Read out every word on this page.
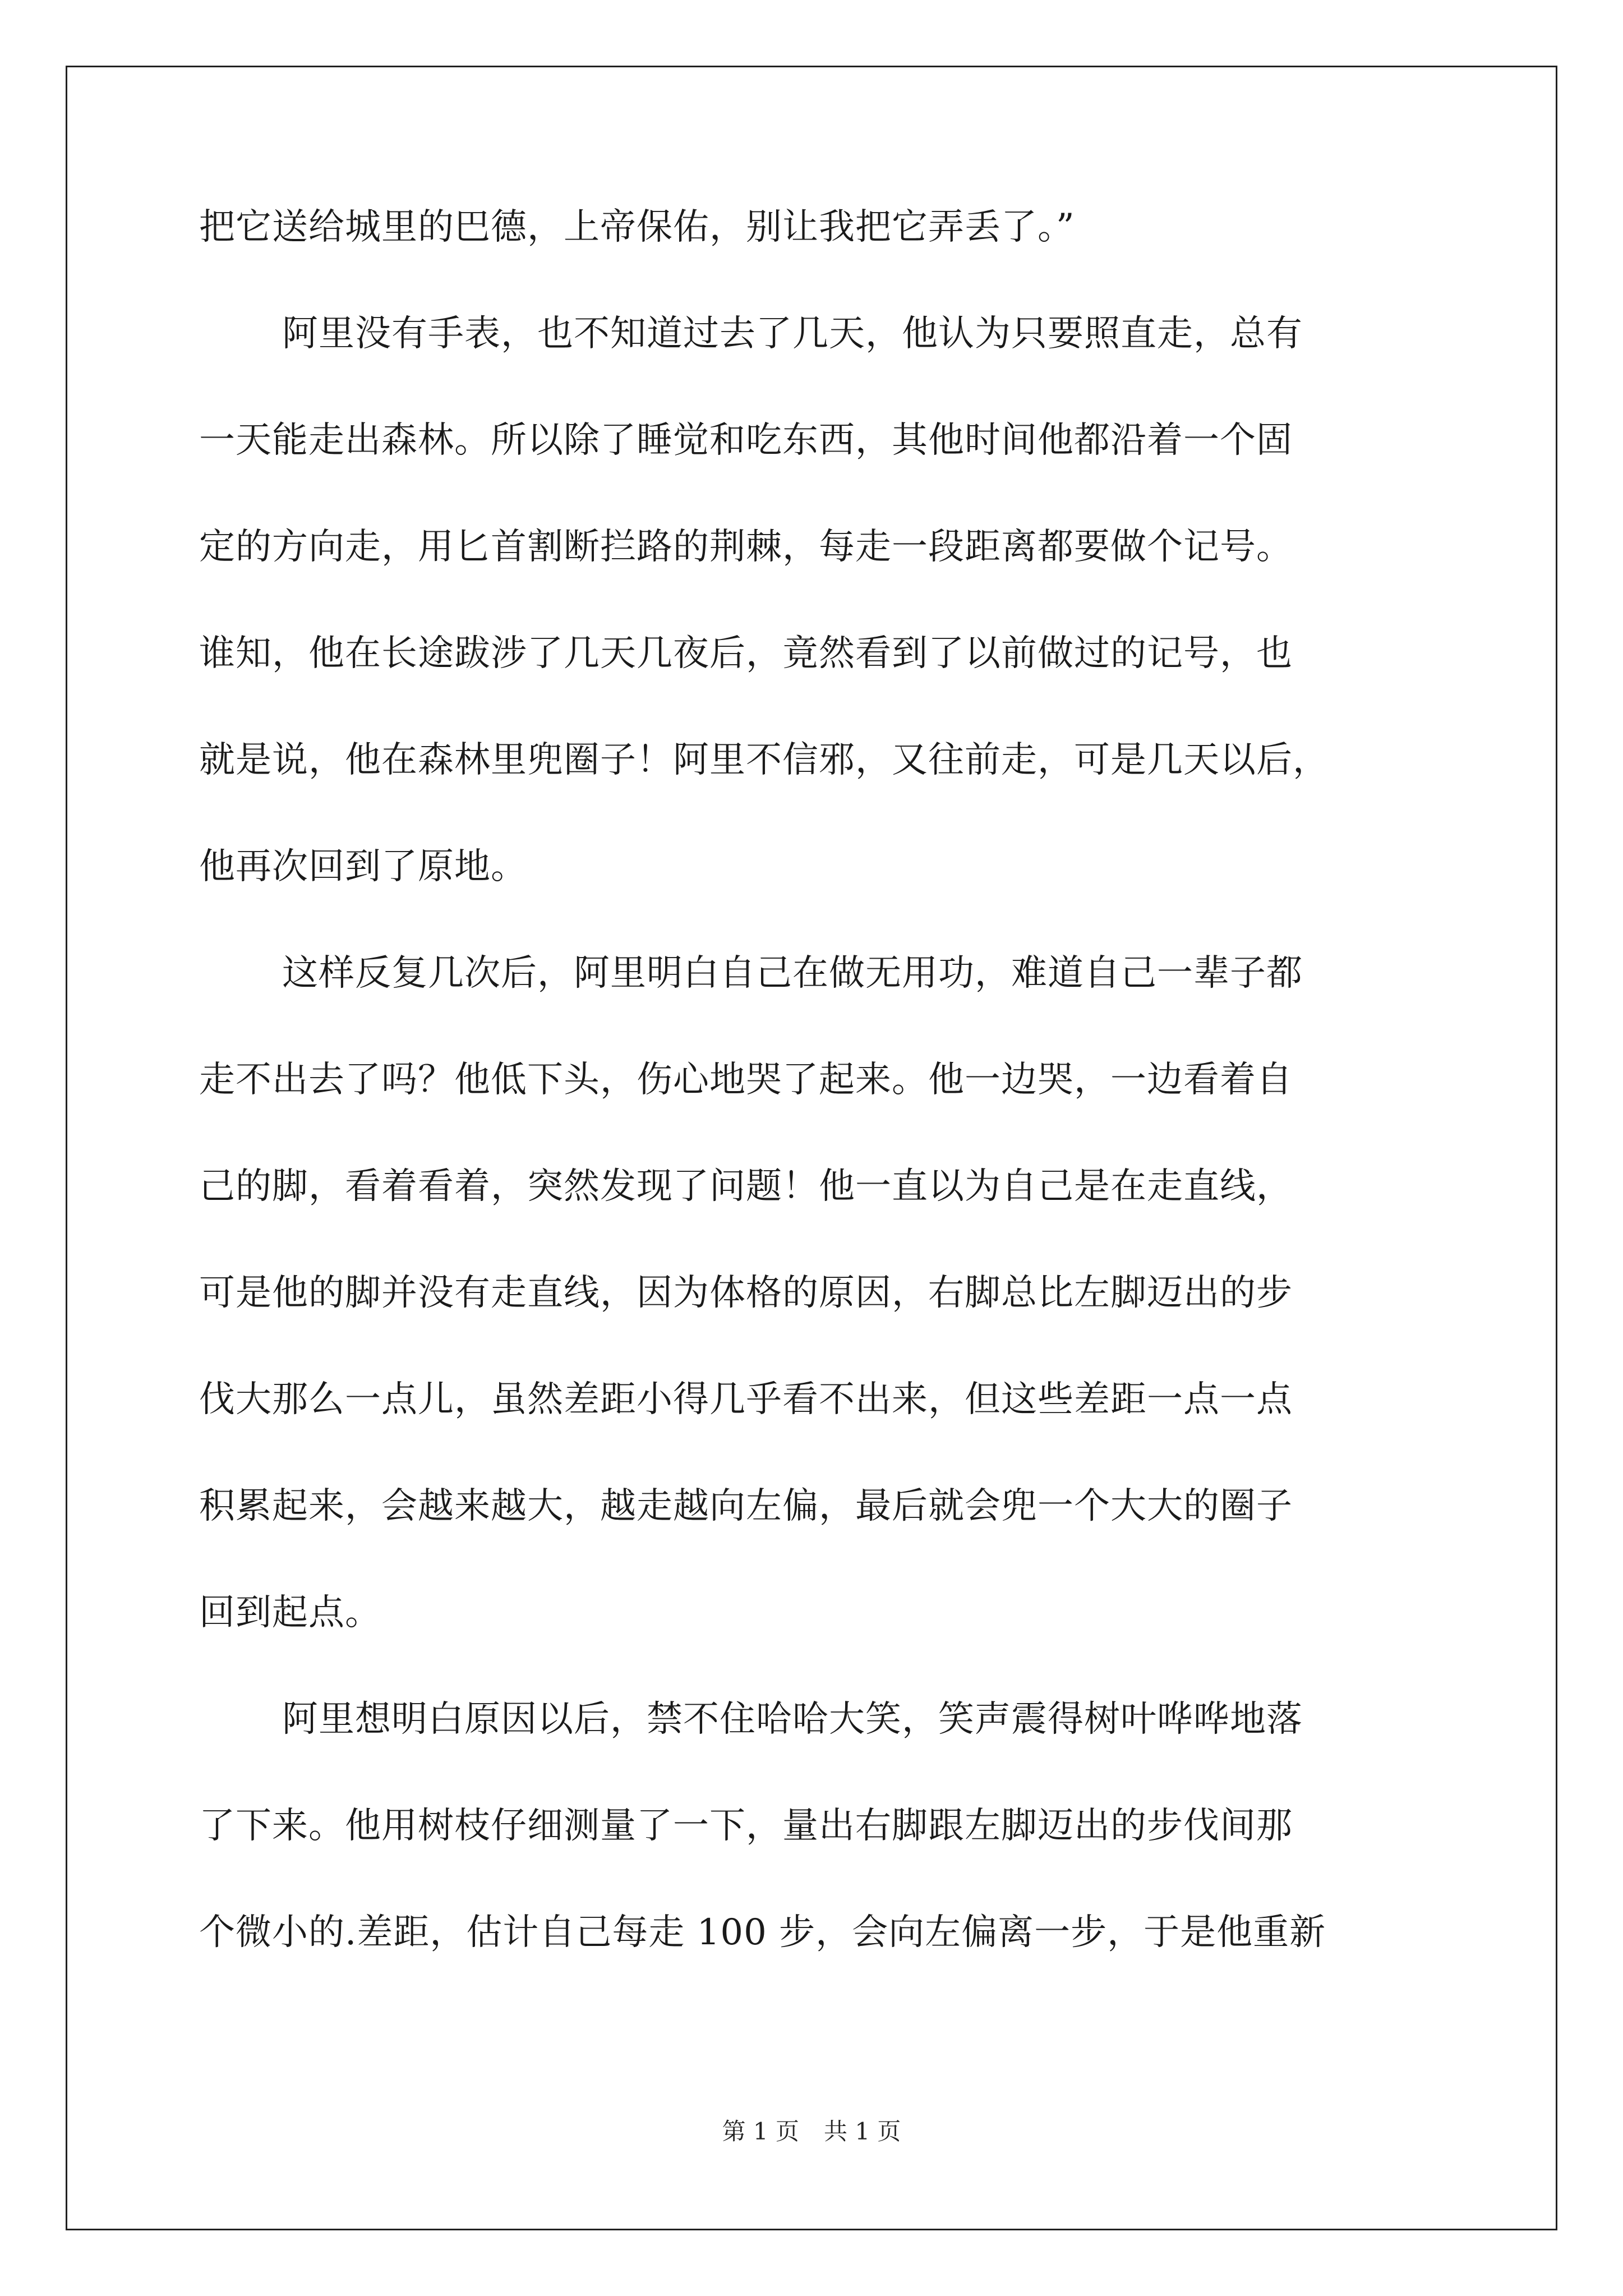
把它送给城里的巴德，上帝保佑，别让我把它弄丢了。”
阿里没有手表，也不知道过去了几天，他认为只要照直走，总有
一天能走出森林。所以除了睡觉和吃东西，其他时间他都沿着一个固
定的方向走，用匕首割断拦路的荆棘，每走一段距离都要做个记号。
谁知，他在长途跋涉了几天几夜后，竟然看到了以前做过的记号，也
就是说，他在森林里兜圈子！阿里不信邪，又往前走，可是几天以后，
他再次回到了原地。
这样反复几次后，阿里明白自己在做无用功，难道自己一辈子都
走不出去了吗？他低下头，伤心地哭了起来。他一边哭，一边看着自
己的脚，看着看着，突然发现了问题！他一直以为自己是在走直线，
可是他的脚并没有走直线，因为体格的原因，右脚总比左脚迈出的步
伐大那么一点儿，虽然差距小得几乎看不出来，但这些差距一点一点
积累起来，会越来越大，越走越向左偏，最后就会兜一个大大的圈子
回到起点。
阿里想明白原因以后，禁不住哈哈大笑，笑声震得树叶哗哗地落
了下来。他用树枝仔细测量了一下，量出右脚跟左脚迈出的步伐间那
个微小的.差距，估计自己每走 100 步，会向左偏离一步，于是他重新
第 1 页 共 1 页
